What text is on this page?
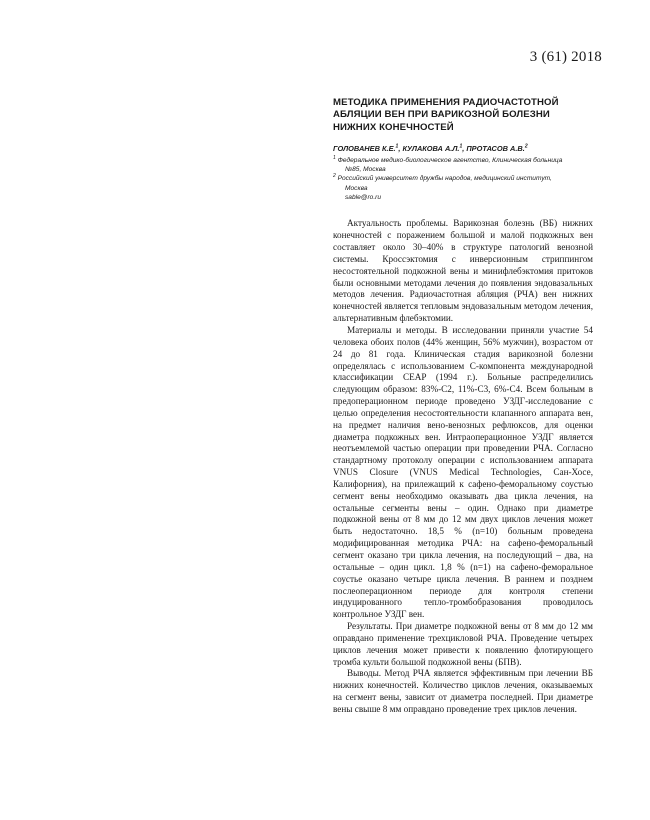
3 (61) 2018
МЕТОДИКА ПРИМЕНЕНИЯ РАДИОЧАСТОТНОЙ
АБЛЯЦИИ ВЕН ПРИ ВАРИКОЗНОЙ БОЛЕЗНИ
НИЖНИХ КОНЕЧНОСТЕЙ
ГОЛОВАНЕВ К.Е.$^1$, КУЛАКОВА А.Л.$^1$, ПРОТАСОВ А.В.$^2$
$^1$ Федеральное медико-биологическое агентство, Клиническая больница
№85, Москва
$^2$ Российский университет дружбы народов, медицинский институт,
Москва
sable@ro.ru

Актуальность проблемы. Варикозная болезнь (ВБ) нижних конечностей с поражением большой и малой подкожных вен составляет около 30–40% в структуре патологий венозной системы. Кроссэктомия с инверсионным стриппингом несостоятельной подкожной вены и минифлебэктомия притоков были основными методами лечения до появления эндовазальных методов лечения. Радиочастотная абляция (РЧА) вен нижних конечностей является тепловым эндовазальным методом лечения, альтернативным флебэктомии.

Материалы и методы. В исследовании приняли участие 54 человека обоих полов (44% женщин, 56% мужчин), возрастом от 24 до 81 года. Клиническая стадия варикозной болезни определялась с использованием С-компонента международной классификации CEAP (1994 г.). Больные распределились следующим образом: 83%-С2, 11%-С3, 6%-С4. Всем больным в предоперационном периоде проведено УЗДГ-исследование с целью определения несостоятельности клапанного аппарата вен, на предмет наличия вено-венозных рефлюксов, для оценки диаметра подкожных вен. Интраоперационное УЗДГ является неотъемлемой частью операции при проведении РЧА. Согласно стандартному протоколу операции с использованием аппарата VNUS Closure (VNUS Medical Technologies, Сан-Хосе, Калифорния), на прилежащий к сафено-феморальному соустью сегмент вены необходимо оказывать два цикла лечения, на остальные сегменты вены – один. Однако при диаметре подкожной вены от 8 мм до 12 мм двух циклов лечения может быть недостаточно. 18,5 % (n=10) больным проведена модифицированная методика РЧА: на сафено-феморальный сегмент оказано три цикла лечения, на последующий – два, на остальные – один цикл. 1,8 % (n=1) на сафено-феморальное соустье оказано четыре цикла лечения. В раннем и позднем послеоперационном периоде для контроля степени индуцированного тепло-тромбобразования проводилось контрольное УЗДГ вен.

Результаты. При диаметре подкожной вены от 8 мм до 12 мм оправдано применение трехцикловой РЧА. Проведение четырех циклов лечения может привести к появлению флотирующего тромба культи большой подкожной вены (БПВ).

Выводы. Метод РЧА является эффективным при лечении ВБ нижних конечностей. Количество циклов лечения, оказываемых на сегмент вены, зависит от диаметра последней. При диаметре вены свыше 8 мм оправдано проведение трех циклов лечения.
